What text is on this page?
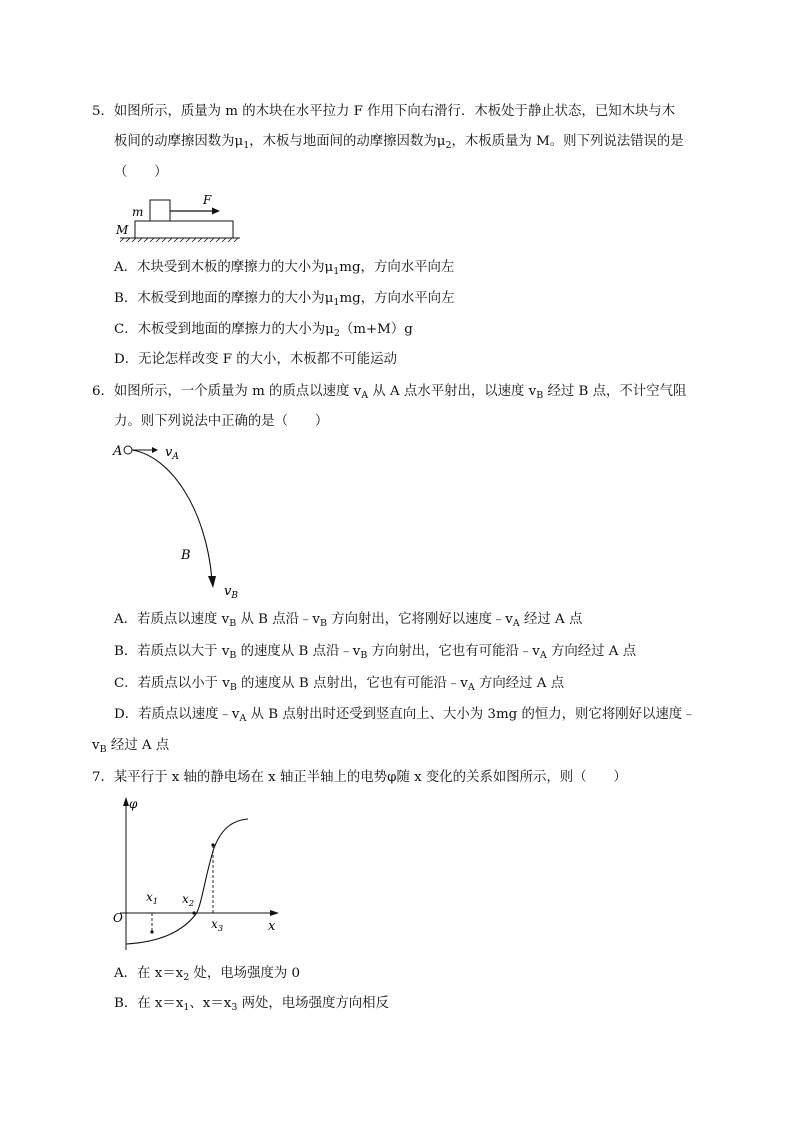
5．如图所示，质量为 m 的木块在水平拉力 F 作用下向右滑行．木板处于静止状态，已知木块与木
板间的动摩擦因数为$\mu_1$，木板与地面间的动摩擦因数为$\mu_2$，木板质量为 M。则下列说法错误的是
（　　）
m
F
M
A．木块受到木板的摩擦力的大小为$\mu_1mg$，方向水平向左
B．木板受到地面的摩擦力的大小为$\mu_1mg$，方向水平向左
C．木板受到地面的摩擦力的大小为$\mu_2(m+M)g$
D．无论怎样改变 F 的大小，木板都不可能运动
6．如图所示，一个质量为 m 的质点以速度 $v_A$ 从 A 点水平射出，以速度 $v_B$ 经过 B 点，不计空气阻
力。则下列说法中正确的是（　　）
A	$v_A$
B
$v_B$
A．若质点以速度 $v_B$ 从 B 点沿$﹣v_B$ 方向射出，它将刚好以速度$﹣v_A$ 经过 A 点
B．若质点以大于 $v_B$ 的速度从 B 点沿$﹣v_B$ 方向射出，它也有可能沿$﹣v_A$ 方向经过 A 点
C．若质点以小于 $v_B$ 的速度从 B 点射出，它也有可能沿$﹣v_A$ 方向经过 A 点
D．若质点以速度$﹣v_A$ 从 B 点射出时还受到竖直向上、大小为 3mg 的恒力，则它将刚好以速度﹣
$v_B$ 经过 A 点
7．某平行于 x 轴的静电场在 x 轴正半轴上的电势φ随 x 变化的关系如图所示，则（　　）
φ
O
x
$x_1$ $x_2$
$x_3$
A．在 $x=x_2$ 处，电场强度为 0
B．在 $x=x_1$、$x=x_3$ 两处，电场强度方向相反
